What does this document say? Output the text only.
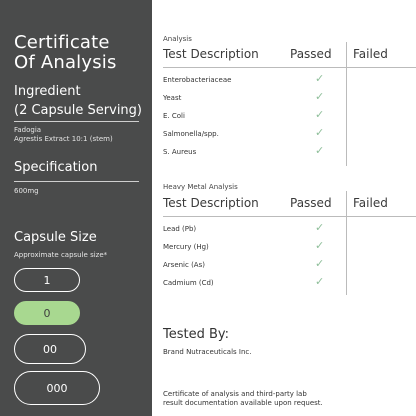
Certificate
Of Analysis
Ingredient
(2 Capsule Serving)
Fadogia
Agrestis Extract 10:1 (stem)
Specification
600mg
Capsule Size
Approximate capsule size*
1
0
00
000
Analysis
Test Description	Passed Failed
Enterobacteriaceae	✓
Yeast	✓
E. Coli	✓
Salmonella/spp.	✓
S. Aureus	✓
Heavy Metal Analysis
Test Description	Passed Failed
Lead (Pb)	✓
Mercury (Hg)	✓
Arsenic (As)	✓
Cadmium (Cd)	✓
Tested By:
Brand Nutraceuticals Inc.
Certificate of analysis and third-party lab
result documentation available upon request.
